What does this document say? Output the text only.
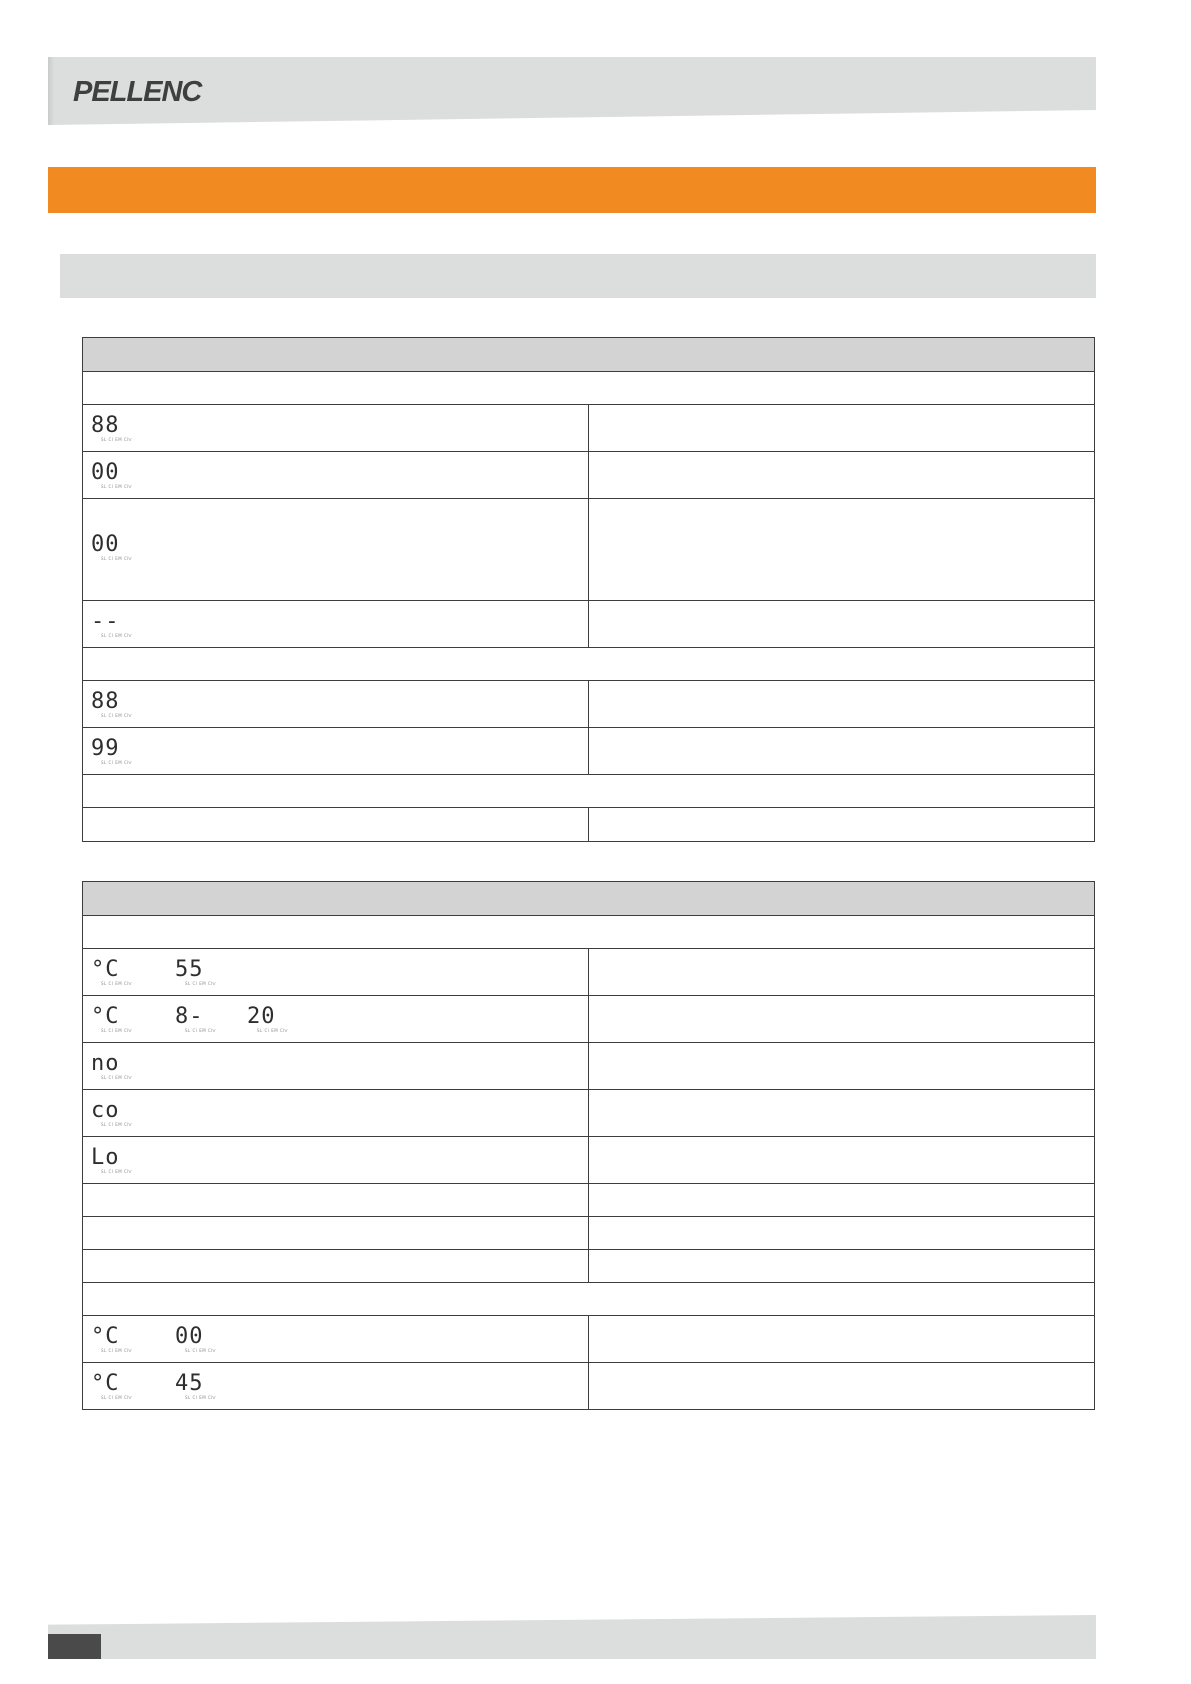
PELLENC
88
SL Cl EM Chr
00
SL Cl EM Chr
00
SL Cl EM Chr
--
SL Cl EM Chr
88
SL Cl EM Chr
99
SL Cl EM Chr
°C
SL Cl EM Chr
55
SL Cl EM Chr
°C
SL Cl EM Chr
8-
SL Cl EM Chr
20
SL Cl EM Chr
no
SL Cl EM Chr
co
SL Cl EM Chr
Lo
SL Cl EM Chr
°C
SL Cl EM Chr
00
SL Cl EM Chr
°C
SL Cl EM Chr
45
SL Cl EM Chr
